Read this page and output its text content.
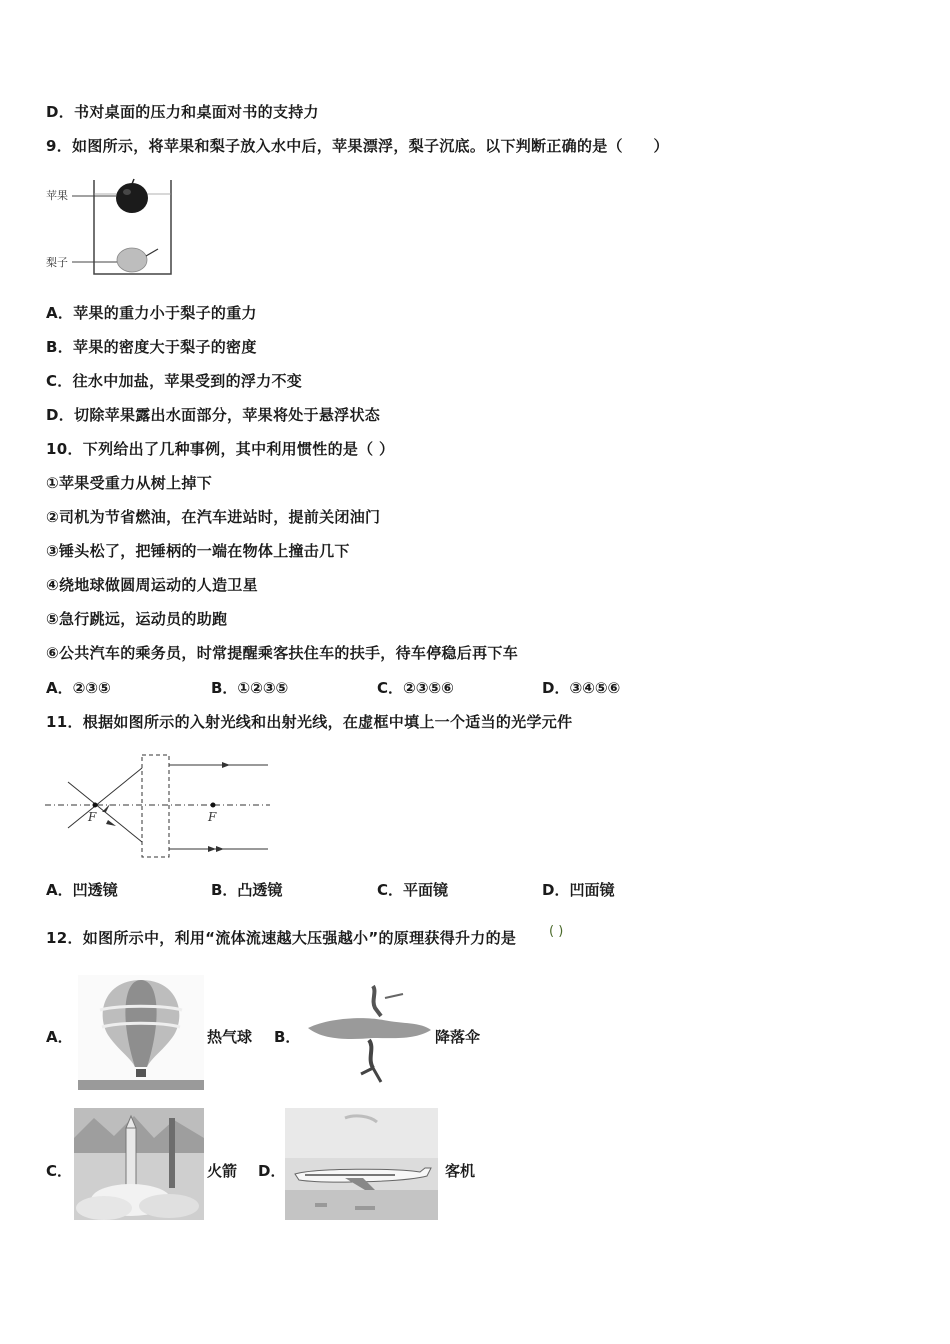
D．书对桌面的压力和桌面对书的支持力
9．如图所示，将苹果和梨子放入水中后，苹果漂浮，梨子沉底。以下判断正确的是（　　）
苹果
梨子
A．苹果的重力小于梨子的重力
B．苹果的密度大于梨子的密度
C．往水中加盐，苹果受到的浮力不变
D．切除苹果露出水面部分，苹果将处于悬浮状态
10．下列给出了几种事例，其中利用惯性的是（ ）
①苹果受重力从树上掉下
②司机为节省燃油，在汽车进站时，提前关闭油门
③锤头松了，把锤柄的一端在物体上撞击几下
④绕地球做圆周运动的人造卫星
⑤急行跳远，运动员的助跑
⑥公共汽车的乘务员，时常提醒乘客扶住车的扶手，待车停稳后再下车
A．②③⑤	B．①②③⑤	C．②③⑤⑥	D．③④⑤⑥
11．根据如图所示的入射光线和出射光线，在虚框中填上一个适当的光学元件
F	F
A．凹透镜	B．凸透镜	C．平面镜	D．凹面镜
12．如图所示中，利用“流体流速越大压强越小”的原理获得升力的是	( )
A．	热气球 B．	降落伞
C．	火箭 D．	客机
